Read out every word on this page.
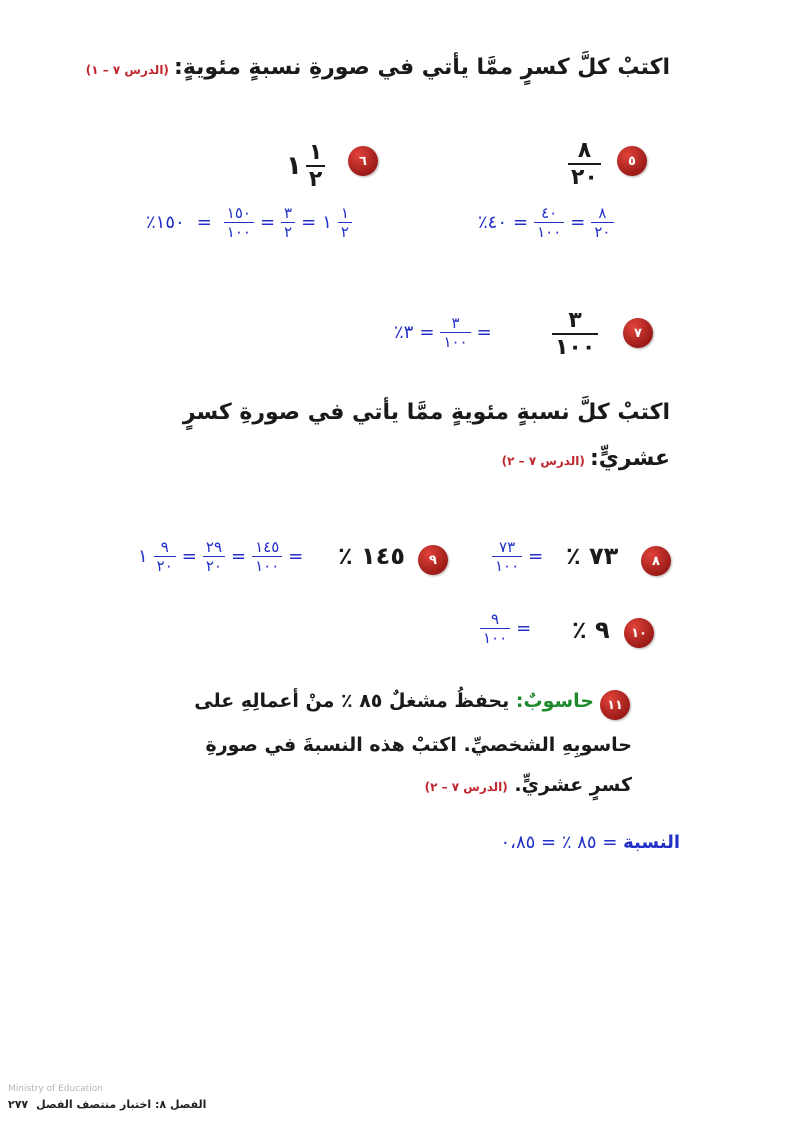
اكتبْ كلَّ كسرٍ ممَّا يأتي في صورةِ نسبةٍ مئويةٍ: (الدرس ٧ – ١)
٥
$\frac{٨}{٢٠}$
٦
١ $\frac{١}{٢}$
٪٤٠ = $\frac{٤٠}{١٠٠} = \frac{٨}{٢٠}$
٪١٥٠ = $\frac{١٥٠}{١٠٠} = \frac{٣}{٢}$ = ١ $\frac{١}{٢}$
٧
$\frac{٣}{١٠٠}$
٪٣ = $\frac{٣}{١٠٠}$ =
اكتبْ كلَّ نسبةٍ مئويةٍ ممَّا يأتي في صورةِ كسرٍ
عشريٍّ: (الدرس ٧ – ٢)
٨
٪ ٧٣
$\frac{٧٣}{١٠٠}$ =
٩
٪ ١٤٥
١ $\frac{٩}{٢٠} = \frac{٢٩}{٢٠} = \frac{١٤٥}{١٠٠}$ =
١٠
٪ ٩
$\frac{٩}{١٠٠}$ =
١١
حاسوبٌ: يحفظُ مشغلٌ ٨٥ ٪ منْ أعمالِهِ على
حاسوبِهِ الشخصيِّ. اكتبْ هذه النسبةَ في صورةِ
كسرٍ عشريٍّ. (الدرس ٧ – ٢)
النسبة = ٨٥ ٪ = ٠،٨٥
Ministry of Education
٢٧٧ الفصل ٨: اختبار منتصف الفصل
